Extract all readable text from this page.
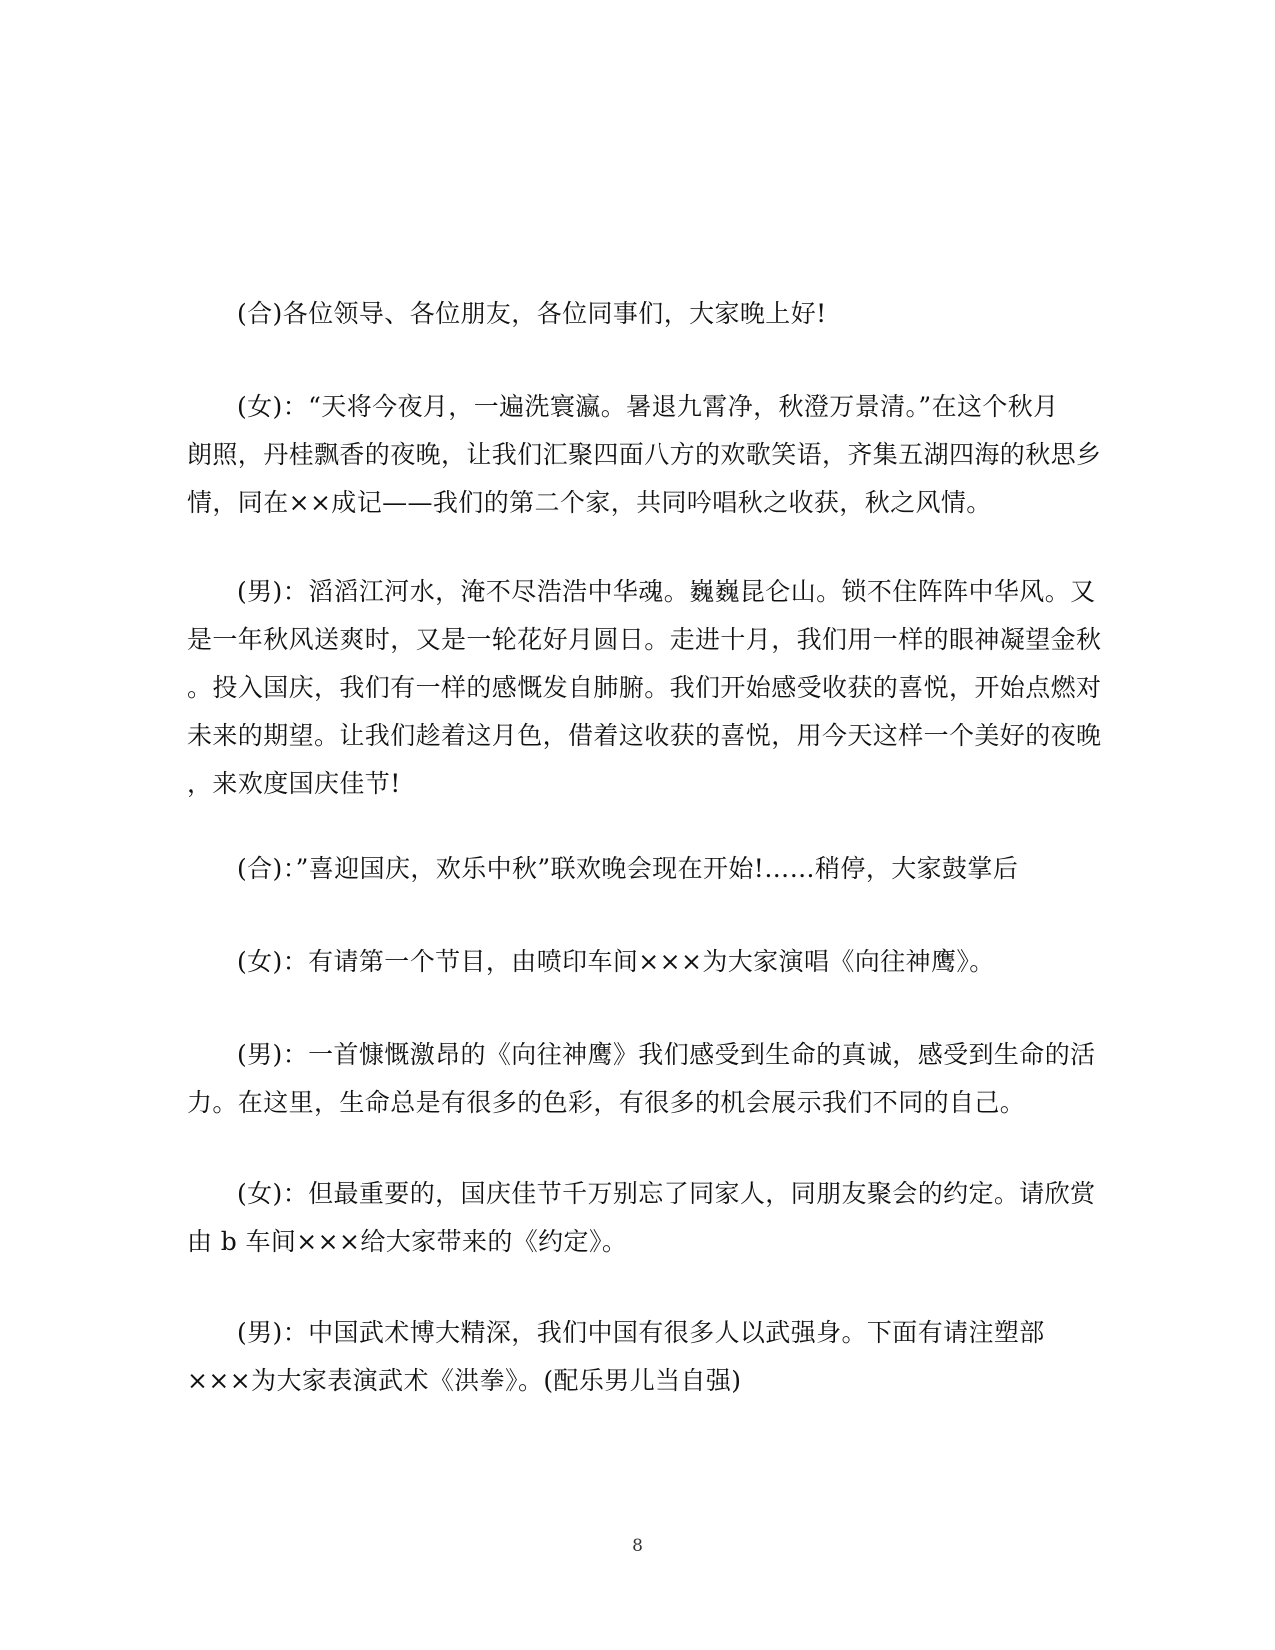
(合)各位领导、各位朋友，各位同事们，大家晚上好!
(女)：“天将今夜月，一遍洗寰瀛。暑退九霄净，秋澄万景清。”在这个秋月
朗照，丹桂飘香的夜晚，让我们汇聚四面八方的欢歌笑语，齐集五湖四海的秋思乡
情，同在××成记——我们的第二个家，共同吟唱秋之收获，秋之风情。
(男)：滔滔江河水，淹不尽浩浩中华魂。巍巍昆仑山。锁不住阵阵中华风。又
是一年秋风送爽时，又是一轮花好月圆日。走进十月，我们用一样的眼神凝望金秋
。投入国庆，我们有一样的感慨发自肺腑。我们开始感受收获的喜悦，开始点燃对
未来的期望。让我们趁着这月色，借着这收获的喜悦，用今天这样一个美好的夜晚
，来欢度国庆佳节!
(合)：”喜迎国庆，欢乐中秋”联欢晚会现在开始!……稍停，大家鼓掌后
(女)：有请第一个节目，由喷印车间×××为大家演唱《向往神鹰》。
(男)：一首慷慨激昂的《向往神鹰》我们感受到生命的真诚，感受到生命的活
力。在这里，生命总是有很多的色彩，有很多的机会展示我们不同的自己。
(女)：但最重要的，国庆佳节千万别忘了同家人，同朋友聚会的约定。请欣赏
由 b 车间×××给大家带来的《约定》。
(男)：中国武术博大精深，我们中国有很多人以武强身。下面有请注塑部
×××为大家表演武术《洪拳》。(配乐男儿当自强)
8
